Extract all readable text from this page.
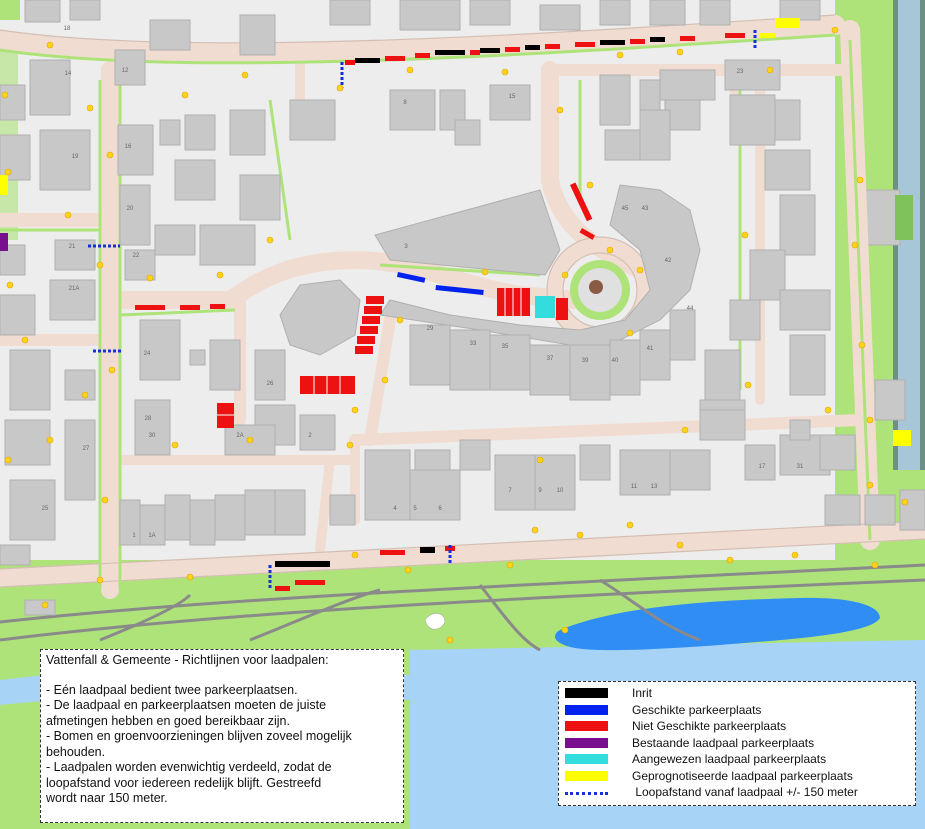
12
14
16
18
19
20
21
21A
22
23
24
25
26
27
28
29
30
1 1A
2
2A
3
4	5	6
7
8
9 10
11 13
15
17	31
33	35
37	39	40
41
42
43
44
45
Vattenfall & Gemeente - Richtlijnen voor laadpalen:
- Eén laadpaal bedient twee parkeerplaatsen.
- De laadpaal en parkeerplaatsen moeten de juiste
afmetingen hebben en goed bereikbaar zijn.
- Bomen en groenvoorzieningen blijven zoveel mogelijk
behouden.
- Laadpalen worden evenwichtig verdeeld, zodat de
loopafstand voor iedereen redelijk blijft. Gestreefd
wordt naar 150 meter.
Inrit
Geschikte parkeerplaats
Niet Geschikte parkeerplaats
Bestaande laadpaal parkeerplaats
Aangewezen laadpaal parkeerplaats
Geprognotiseerde laadpaal parkeerplaats
Loopafstand vanaf laadpaal +/- 150 meter
